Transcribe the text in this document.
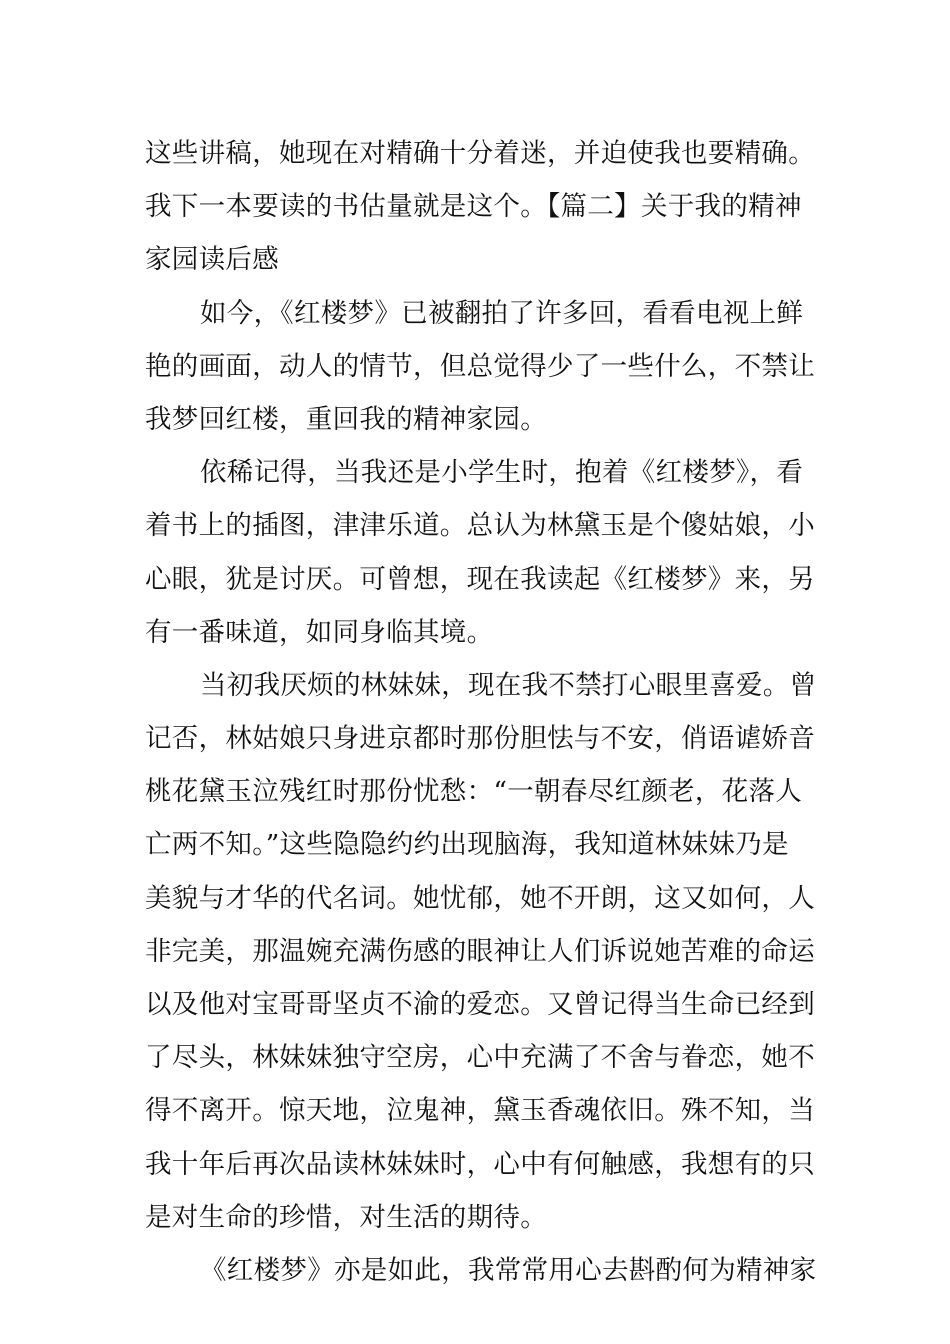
这些讲稿，她现在对精确十分着迷，并迫使我也要精确。
我下一本要读的书估量就是这个。【篇二】关于我的精神
家园读后感
如今，《红楼梦》已被翻拍了许多回，看看电视上鲜
艳的画面，动人的情节，但总觉得少了一些什么，不禁让
我梦回红楼，重回我的精神家园。
依稀记得，当我还是小学生时，抱着《红楼梦》，看
着书上的插图，津津乐道。总认为林黛玉是个傻姑娘，小
心眼，犹是讨厌。可曾想，现在我读起《红楼梦》来，另
有一番味道，如同身临其境。
当初我厌烦的林妹妹，现在我不禁打心眼里喜爱。曾
记否，林姑娘只身进京都时那份胆怯与不安，俏语谑娇音
桃花黛玉泣残红时那份忧愁：“一朝春尽红颜老，花落人
亡两不知。”这些隐隐约约出现脑海，我知道林妹妹乃是
美貌与才华的代名词。她忧郁，她不开朗，这又如何，人
非完美，那温婉充满伤感的眼神让人们诉说她苦难的命运
以及他对宝哥哥坚贞不渝的爱恋。又曾记得当生命已经到
了尽头，林妹妹独守空房，心中充满了不舍与眷恋，她不
得不离开。惊天地，泣鬼神，黛玉香魂依旧。殊不知，当
我十年后再次品读林妹妹时，心中有何触感，我想有的只
是对生命的珍惜，对生活的期待。
《红楼梦》亦是如此，我常常用心去斟酌何为精神家
